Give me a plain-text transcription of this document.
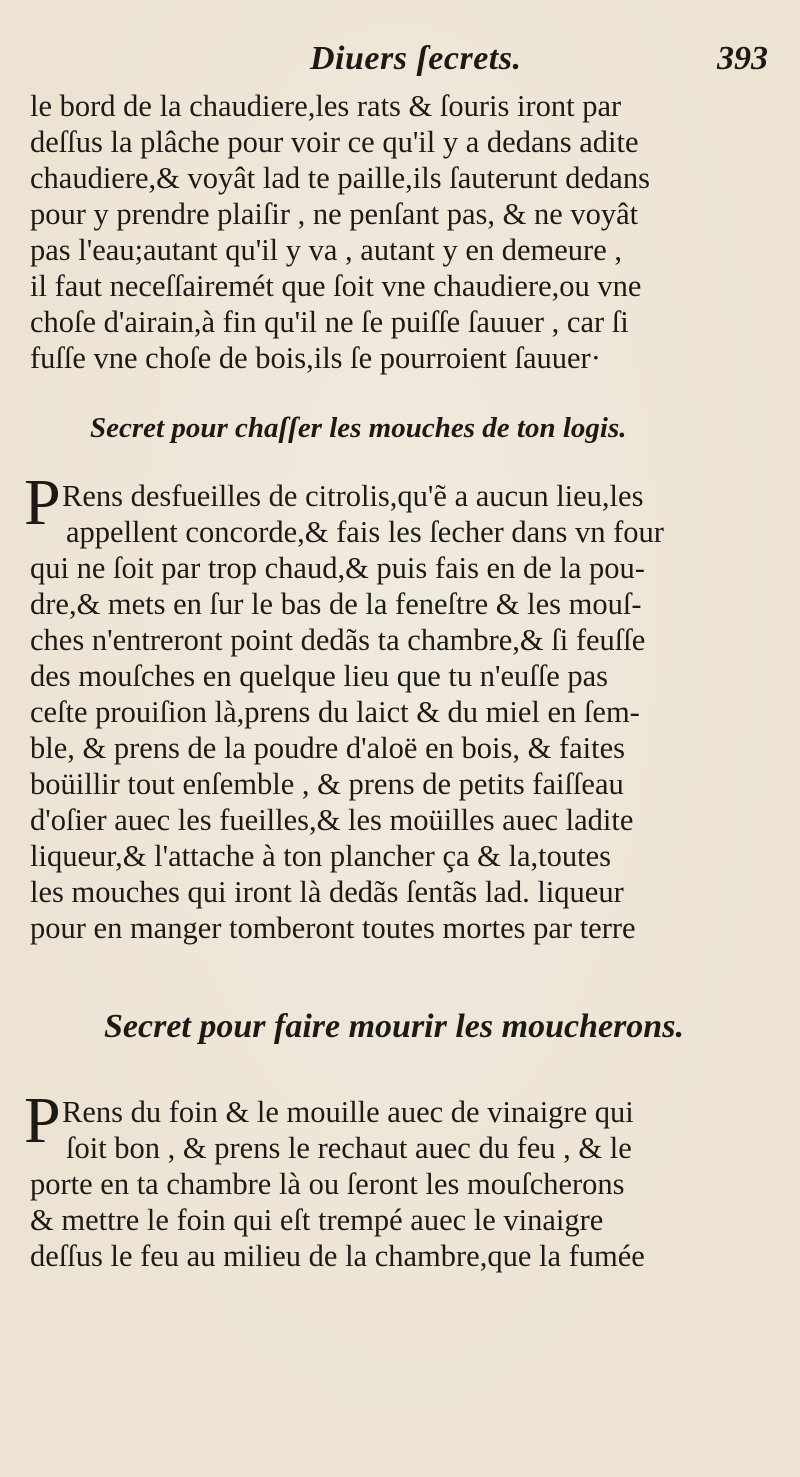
Diuers ſecrets.	393
le bord de la chaudiere,les rats & ſouris iront par
deſſus la plâche pour voir ce qu'il y a dedans adite
chaudiere,& voyât lad te paille,ils ſauterunt dedans
pour y prendre plaiſir , ne penſant pas, & ne voyât
pas l'eau;autant qu'il y va , autant y en demeure ,
il faut neceſſairemét que ſoit vne chaudiere,ou vne
choſe d'airain,à fin qu'il ne ſe puiſſe ſauuer , car ſi
fuſſe vne choſe de bois,ils ſe pourroient ſauuer·
Secret pour chaſſer les mouches de ton logis.
P Rens desfueilles de citrolis,qu'ẽ a aucun lieu,les
appellent concorde,& fais les ſecher dans vn four
qui ne ſoit par trop chaud,& puis fais en de la pou-
dre,& mets en ſur le bas de la feneſtre & les mouſ-
ches n'entreront point dedãs ta chambre,& ſi feuſſe
des mouſches en quelque lieu que tu n'euſſe pas
ceſte prouiſion là,prens du laict & du miel en ſem-
ble, & prens de la poudre d'aloë en bois, & faites
boüillir tout enſemble , & prens de petits faiſſeau
d'oſier auec les fueilles,& les moüilles auec ladite
liqueur,& l'attache à ton plancher ça & la,toutes
les mouches qui iront là dedãs ſentãs lad. liqueur
pour en manger tomberont toutes mortes par terre
Secret pour faire mourir les moucherons.
P Rens du foin & le mouille auec de vinaigre qui
ſoit bon , & prens le rechaut auec du feu , & le
porte en ta chambre là ou ſeront les mouſcherons
& mettre le foin qui eſt trempé auec le vinaigre
deſſus le feu au milieu de la chambre,que la fumée
